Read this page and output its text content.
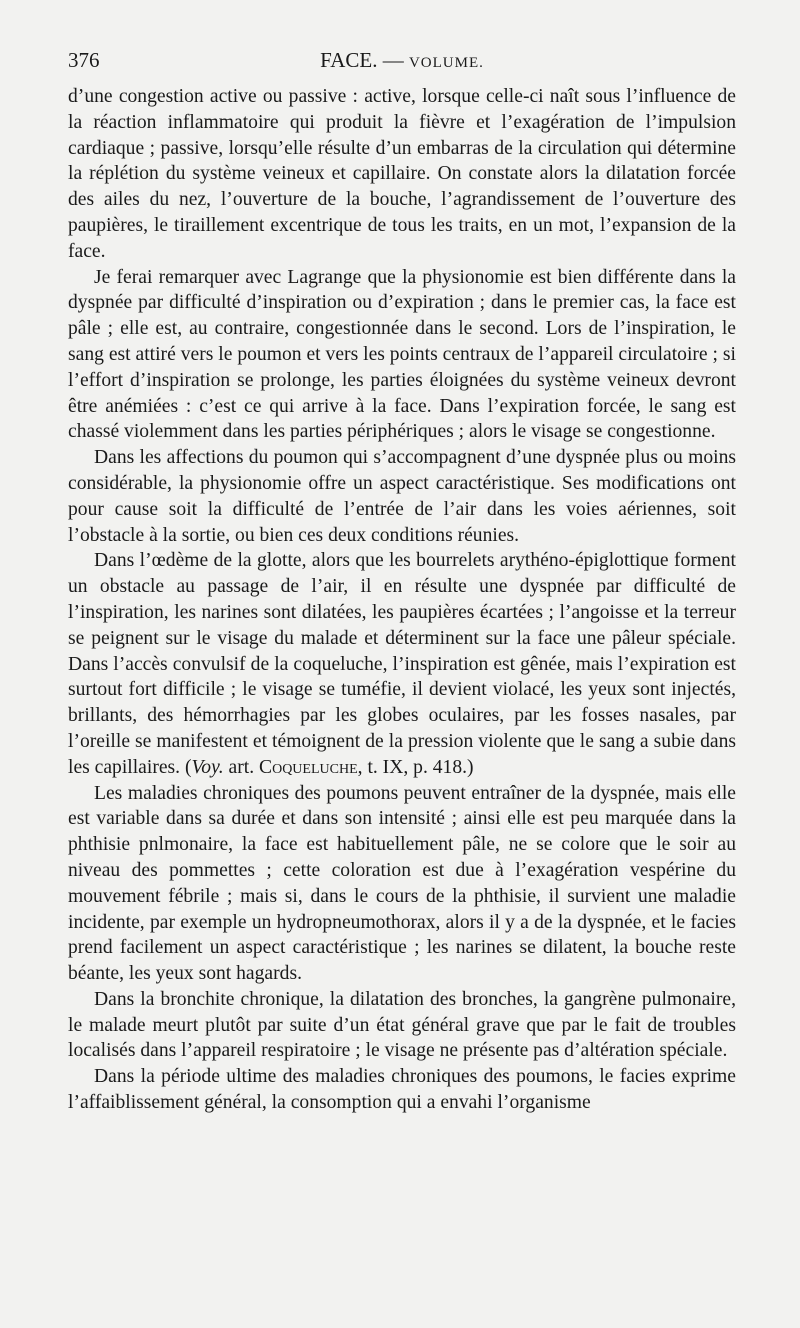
376	FACE. — VOLUME.

d’une congestion active ou passive : active, lorsque celle-ci naît sous l’influence de la réaction inflammatoire qui produit la fièvre et l’exagération de l’impulsion cardiaque ; passive, lorsqu’elle résulte d’un embarras de la circulation qui détermine la réplétion du système veineux et capillaire. On constate alors la dilatation forcée des ailes du nez, l’ouverture de la bouche, l’agrandissement de l’ouverture des paupières, le tiraillement excentrique de tous les traits, en un mot, l’expansion de la face.

Je ferai remarquer avec Lagrange que la physionomie est bien différente dans la dyspnée par difficulté d’inspiration ou d’expiration ; dans le premier cas, la face est pâle ; elle est, au contraire, congestionnée dans le second. Lors de l’inspiration, le sang est attiré vers le poumon et vers les points centraux de l’appareil circulatoire ; si l’effort d’inspiration se prolonge, les parties éloignées du système veineux devront être anémiées : c’est ce qui arrive à la face. Dans l’expiration forcée, le sang est chassé violemment dans les parties périphériques ; alors le visage se congestionne.

Dans les affections du poumon qui s’accompagnent d’une dyspnée plus ou moins considérable, la physionomie offre un aspect caractéristique. Ses modifications ont pour cause soit la difficulté de l’entrée de l’air dans les voies aériennes, soit l’obstacle à la sortie, ou bien ces deux conditions réunies.

Dans l’œdème de la glotte, alors que les bourrelets arythéno-épiglottique forment un obstacle au passage de l’air, il en résulte une dyspnée par difficulté de l’inspiration, les narines sont dilatées, les paupières écartées ; l’angoisse et la terreur se peignent sur le visage du malade et déterminent sur la face une pâleur spéciale. Dans l’accès convulsif de la coqueluche, l’inspiration est gênée, mais l’expiration est surtout fort difficile ; le visage se tuméfie, il devient violacé, les yeux sont injectés, brillants, des hémorrhagies par les globes oculaires, par les fosses nasales, par l’oreille se manifestent et témoignent de la pression violente que le sang a subie dans les capillaires. (Voy. art. Coqueluche, t. IX, p. 418.)

Les maladies chroniques des poumons peuvent entraîner de la dyspnée, mais elle est variable dans sa durée et dans son intensité ; ainsi elle est peu marquée dans la phthisie pnlmonaire, la face est habituellement pâle, ne se colore que le soir au niveau des pommettes ; cette coloration est due à l’exagération vespérine du mouvement fébrile ; mais si, dans le cours de la phthisie, il survient une maladie incidente, par exemple un hydropneumothorax, alors il y a de la dyspnée, et le facies prend facilement un aspect caractéristique ; les narines se dilatent, la bouche reste béante, les yeux sont hagards.

Dans la bronchite chronique, la dilatation des bronches, la gangrène pulmonaire, le malade meurt plutôt par suite d’un état général grave que par le fait de troubles localisés dans l’appareil respiratoire ; le visage ne présente pas d’altération spéciale.

Dans la période ultime des maladies chroniques des poumons, le facies exprime l’affaiblissement général, la consomption qui a envahi l’organisme
